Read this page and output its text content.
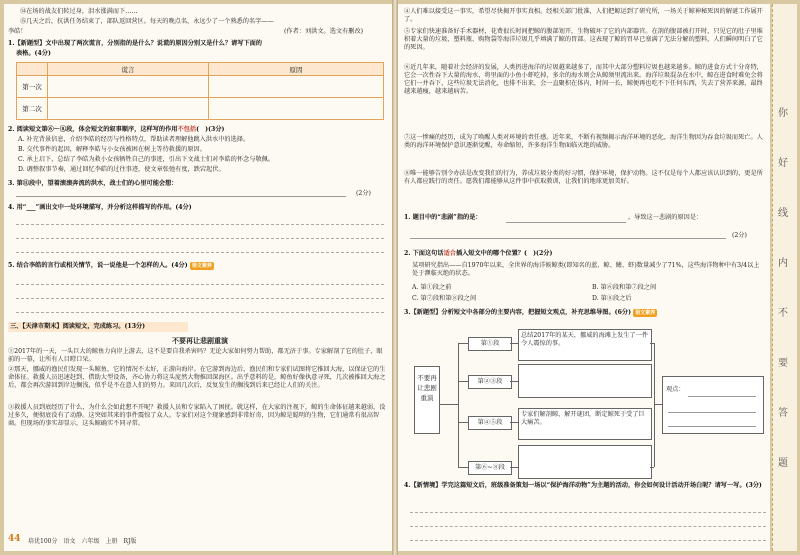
⑭在场的战友们转过身，泪水涨满而下……
⑮几天之后，抗洪任务结束了，部队返回营区。每天的晚点名，永远少了一个熟悉的名字——
李皓！	(作者：刘洪文。选文有删改)
1.【新题型】文中出现了两次谎言，分别指的是什么？说谎的原因分别又是什么？请写下面的
表格。(4分)
	谎言	原因
第一次		
第二次		
2. 阅读短文第⑥～⑧段，体会短文的叙事顺序，这样写的作用不包括(　)(3分)
A. 补充背景信息，介绍李皓的经历与性格特点，帮助读者理解他跳入洪水中的选择。
B. 交代事件的起因，解释李皓与小女孩被困在树上等待救援的原因。
C. 承上启下，总结了李皓为救小女孩牺牲自己的事迹，引出下文战士们对李皓的怀念与敬佩。
D. 调整叙事节奏，通过回忆李皓的过往事迹，使文章张弛有度，跌宕起伏。
3. 第⑪段中，望着滚滚奔流的洪水，战士们的心里可能会想：
(2分)
4. 用“___”画出文中一处环境描写，并分析这样描写的作用。(4分)
5. 结合李皓的言行或相关情节，说一说他是一个怎样的人。(4分) 语文素养
三、【天津市期末】阅读短文，完成练习。(13分)
不要再让悲剧重演
①2017年的一天，一头巨大的鲸鱼力向岸上游去，这不是要自我杀害吗？无论大家如何努力帮助，都无济于事。专家解剖了它的肚子，眼前的一幕，让所有人目瞪口呆。
②那天，挪威的渔民们发现一头鲸鱼，它的情况不太好，正游向海岸。在它游到海边后，渔民们和专家们试图将它推回大海，以保证它的生命体征。救援人员迅速赶到，借助大型设备，齐心协力将这头庞然大物推回深海区。出乎意料的是，鲸鱼好像执意寻死，几次被推回大海之后，都会再次游回到岸边搁浅，似乎是不在意人们的努力。来回几次后，反复发生的搁浅到后来已经让人们的关注。
③救援人员到底经历了什么，为什么会如此想不开呢？救援人员和专家陷入了困扰。就这样，在大家的注视下，鲸的生命体征越来越弱，没过多久，便彻底没有了动静。这突如其来的事件震惊了众人。专家们对这个现象感到非常好奇，因为鲸是聪明的生物，它们通常有很高智商。但现场的事实却显示，这头鲸确实不同寻常。
44 培优100分　语文　六年级　上册　RJ版
④人们难以接受这一事实，希望尽快揭开事实真相。经相关部门批准，人们把鲸运到了研究所，一场关于鲸神秘死因的解谜工作展开了。
⑤专家们快速准备好手术器材，花费很长时间把鲸的腹部划开，生物破坏了它的内部器官。在剖的腹部被打开时，只见它的肚子里堆积着大量的垃圾、塑料瓶、购物袋等海洋垃圾几乎填满了鲸的胃部。这表现了鲸的胃早已塞满了无法分解的塑料，人们瞬间明白了它的死因。
⑥近几年来，随着社会经济的发展，人类扔进海洋的垃圾越来越多了，而其中大部分塑料垃圾也越来越多。鲸的进食方式十分奇特，它会一次性吞下大量的海水，将里面的小鱼小虾吃掉，多余的海水则会从鲸须里流出来。海洋垃圾混杂在水中，鲸在进食时难免会将它们一并吞下，这些垃圾无法消化，也排不出来，会一直聚积在体内，时间一长，鲸便再也吃不下任何东西，失去了营养来源，最终越来越瘦，越来越病苦。
⑦这一惨痛的经历，成为了唤醒人类对环境的责任感。近年来，不断有视频揭示海洋环境的恶化，海洋生物因为吞食垃圾而死亡。人类的海洋环境保护意识逐渐觉醒，寿命缩短，许多海洋生物面临灭绝的威胁。
⑧唯一能够告别令办法是改变我们的行为，养成垃圾分类的好习惯，保护环境，保护动物。这不仅是每个人都应该认识到的，更是所有人都应践行的责任。愿我们都能够从这件事中获取教训，让我们的地球更加美好。
1. 题目中的“悲剧”指的是：	。导致这一悲剧的原因是：
(2分)
2. 下面这句话适合插入短文中的哪个位置？(　)(2分)
某项研究指出——自1970年以来，全世界的海洋候鲸类(即知名的蓝、鲸、鳍、虾)数量减少了71%，这些海洋物种中有3/4以上处于濒临灭绝的状态。
A. 第①段之前	B. 第⑥段和第⑦段之间
C. 第⑦段和第⑧段之间	D. 第⑧段之后
3.【新题型】分析短文中各部分的主要内容，把握短文观点，补充思维导图。(6分) 语文素养
不要再让悲剧重演
第①段
第②③段
第④⑤段
第⑥~⑧段
总结2017年的某天，挪威的海滩上发生了一件令人震惊的事。
专家们解剖鲸，解开谜团，断定鲸死于受了巨大痛苦。
观点：
4.【新情境】学完这篇短文后，班级准备策划一场以“保护海洋动物”为主题的活动，你会如何设计活动开场白呢？请写一写。(3分)
你
好
线
内
不
要
答
题
